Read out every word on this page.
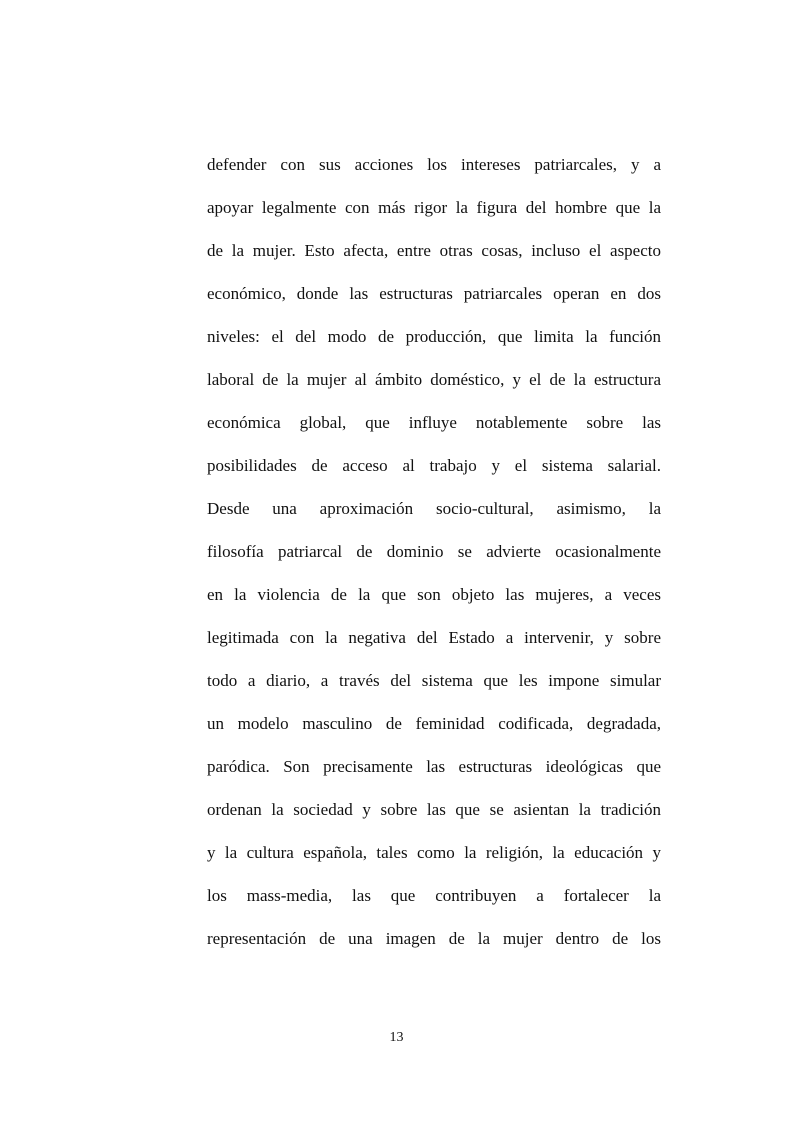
defender con sus acciones los intereses patriarcales, y a
apoyar legalmente con más rigor la figura del hombre que la
de la mujer. Esto afecta, entre otras cosas, incluso el aspecto
económico, donde las estructuras patriarcales operan en dos
niveles: el del modo de producción, que limita la función
laboral de la mujer al ámbito doméstico, y el de la estructura
económica global, que influye notablemente sobre las
posibilidades de acceso al trabajo y el sistema salarial.
Desde una aproximación socio-cultural, asimismo, la
filosofía patriarcal de dominio se advierte ocasionalmente
en la violencia de la que son objeto las mujeres, a veces
legitimada con la negativa del Estado a intervenir, y sobre
todo a diario, a través del sistema que les impone simular
un modelo masculino de feminidad codificada, degradada,
paródica. Son precisamente las estructuras ideológicas que
ordenan la sociedad y sobre las que se asientan la tradición
y la cultura española, tales como la religión, la educación y
los mass-media, las que contribuyen a fortalecer la
representación de una imagen de la mujer dentro de los
13
